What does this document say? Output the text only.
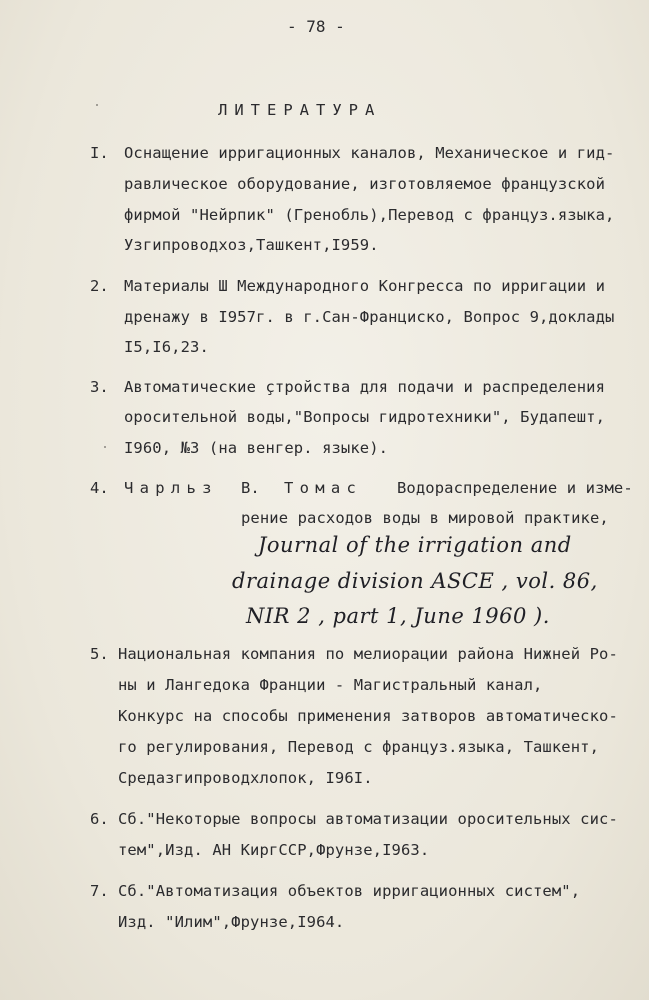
- 78 -
ЛИТЕРАТУРА
I. Оснащение ирригационных каналов, Механическое и гид-
равлическое оборудование, изготовляемое французской
фирмой "Нейрпик" (Гренобль),Перевод с француз.языка,
Узгипроводхоз,Ташкент,I959.
2. Материалы Ш Международного Конгресса по ирригации и
дренажу в I957г. в г.Сан-Франциско, Вопрос 9,доклады
I5,I6,23.
3. Автоматические ̧стройства для подачи и распределения
оросительной воды,"Вопросы гидротехники", Будапешт,
I960, №3 (на венгер. языке).
4. Чарльз В. Томас Водораспределение и изме-
рение расходов воды в мировой практике,
Journal of the irrigation and
drainage division ASCE , vol. 86,
NIR 2 , part 1, June 1960 ).
5. Национальная компания по мелиорации района Нижней Ро-
ны и Лангедока Франции - Магистральный канал,
Конкурс на способы применения затворов автоматическо-
го регулирования, Перевод с француз.языка, Ташкент,
Средазгипроводхлопок, I96I.
6. Сб."Некоторые вопросы автоматизации оросительных сис-
тем",Изд. АН КиргССР,Фрунзе,I963.
7. Сб."Автоматизация объектов ирригационных систем",
Изд. "Илим",Фрунзе,I964.
